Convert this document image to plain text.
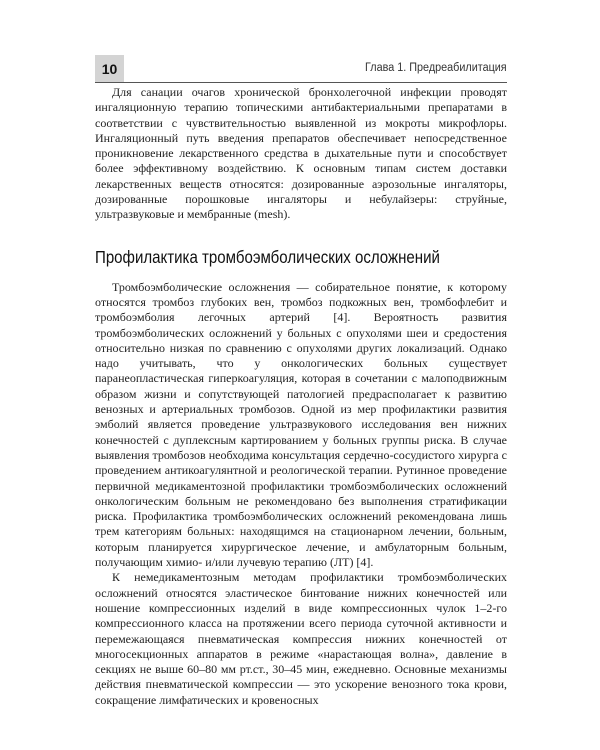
10	Глава 1. Предреабилитация

Для санации очагов хронической бронхолегочной инфекции проводят ингаляционную терапию топическими антибактериальными препаратами в соответствии с чувствительностью выявленной из мокроты микрофлоры. Ингаляционный путь введения препаратов обеспечивает непосредственное проникновение лекарственного средства в дыхательные пути и способствует более эффективному воздействию. К основным типам систем доставки лекарственных веществ относятся: дозированные аэрозольные ингаляторы, дозированные порошковые ингаляторы и небулайзеры: струйные, ультразвуковые и мембранные (mesh).

Профилактика тромбоэмболических осложнений

Тромбоэмболические осложнения — собирательное понятие, к которому относятся тромбоз глубоких вен, тромбоз подкожных вен, тромбофлебит и тромбоэмболия легочных артерий [4]. Вероятность развития тромбоэмболических осложнений у больных с опухолями шеи и средостения относительно низкая по сравнению с опухолями других локализаций. Однако надо учитывать, что у онкологических больных существует паранеопластическая гиперкоагуляция, которая в сочетании с малоподвижным образом жизни и сопутствующей патологией предрасполагает к развитию венозных и артериальных тромбозов. Одной из мер профилактики развития эмболий является проведение ультразвукового исследования вен нижних конечностей с дуплексным картированием у больных группы риска. В случае выявления тромбозов необходима консультация сердечно-сосудистого хирурга с проведением антикоагулянтной и реологической терапии. Рутинное проведение первичной медикаментозной профилактики тромбоэмболических осложнений онкологическим больным не рекомендовано без выполнения стратификации риска. Профилактика тромбоэмболических осложнений рекомендована лишь трем категориям больных: находящимся на стационарном лечении, больным, которым планируется хирургическое лечение, и амбулаторным больным, получающим химио- и/или лучевую терапию (ЛТ) [4].

К немедикаментозным методам профилактики тромбоэмболических осложнений относятся эластическое бинтование нижних конечностей или ношение компрессионных изделий в виде компрессионных чулок 1–2-го компрессионного класса на протяжении всего периода суточной активности и перемежающаяся пневматическая компрессия нижних конечностей от многосекционных аппаратов в режиме «нарастающая волна», давление в секциях не выше 60–80 мм рт.ст., 30–45 мин, ежедневно. Основные механизмы действия пневматической компрессии — это ускорение венозного тока крови, сокращение лимфатических и кровеносных
